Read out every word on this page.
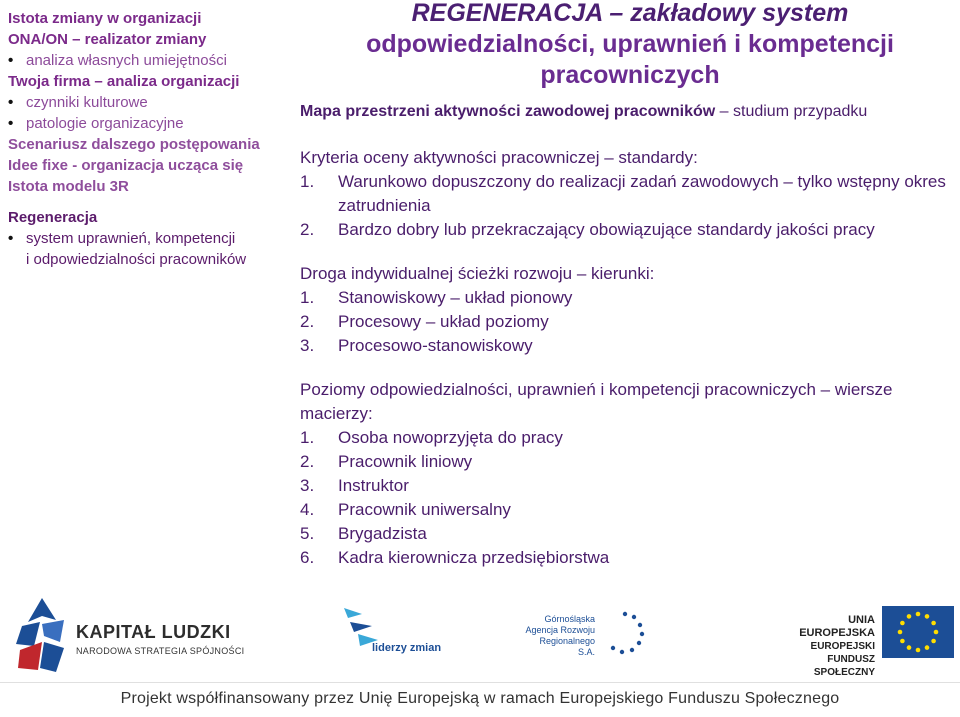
Istota zmiany w organizacji
ONA/ON – realizator zmiany
• analiza własnych umiejętności
Twoja firma – analiza organizacji
• czynniki kulturowe
• patologie organizacyjne
Scenariusz dalszego postępowania
Idee fixe - organizacja ucząca się
Istota modelu 3R
Regeneracja
• system uprawnień, kompetencji
i odpowiedzialności pracowników
REGENERACJA – zakładowy system
odpowiedzialności, uprawnień i kompetencji
pracowniczych

Mapa przestrzeni aktywności zawodowej pracowników – studium przypadku

Kryteria oceny aktywności pracowniczej – standardy:

1. Warunkowo dopuszczony do realizacji zadań zawodowych – tylko wstępny okres zatrudnienia
2. Bardzo dobry lub przekraczający obowiązujące standardy jakości pracy

Droga indywidualnej ścieżki rozwoju – kierunki:

1. Stanowiskowy – układ pionowy
2. Procesowy – układ poziomy
3. Procesowo-stanowiskowy

Poziomy odpowiedzialności, uprawnień i kompetencji pracowniczych – wiersze macierzy:

1. Osoba nowoprzyjęta do pracy
2. Pracownik liniowy
3. Instruktor
4. Pracownik uniwersalny
5. Brygadzista
6. Kadra kierownicza przedsiębiorstwa
KAPITAŁ LUDZKI
NARODOWA STRATEGIA SPÓJNOŚCI	liderzy zmian
Górnośląska Agencja Rozwoju Regionalnego S.A.
UNIA EUROPEJSKA
EUROPEJSKI
FUNDUSZ SPOŁECZNY
Projekt współfinansowany przez Unię Europejską w ramach Europejskiego Funduszu Społecznego
